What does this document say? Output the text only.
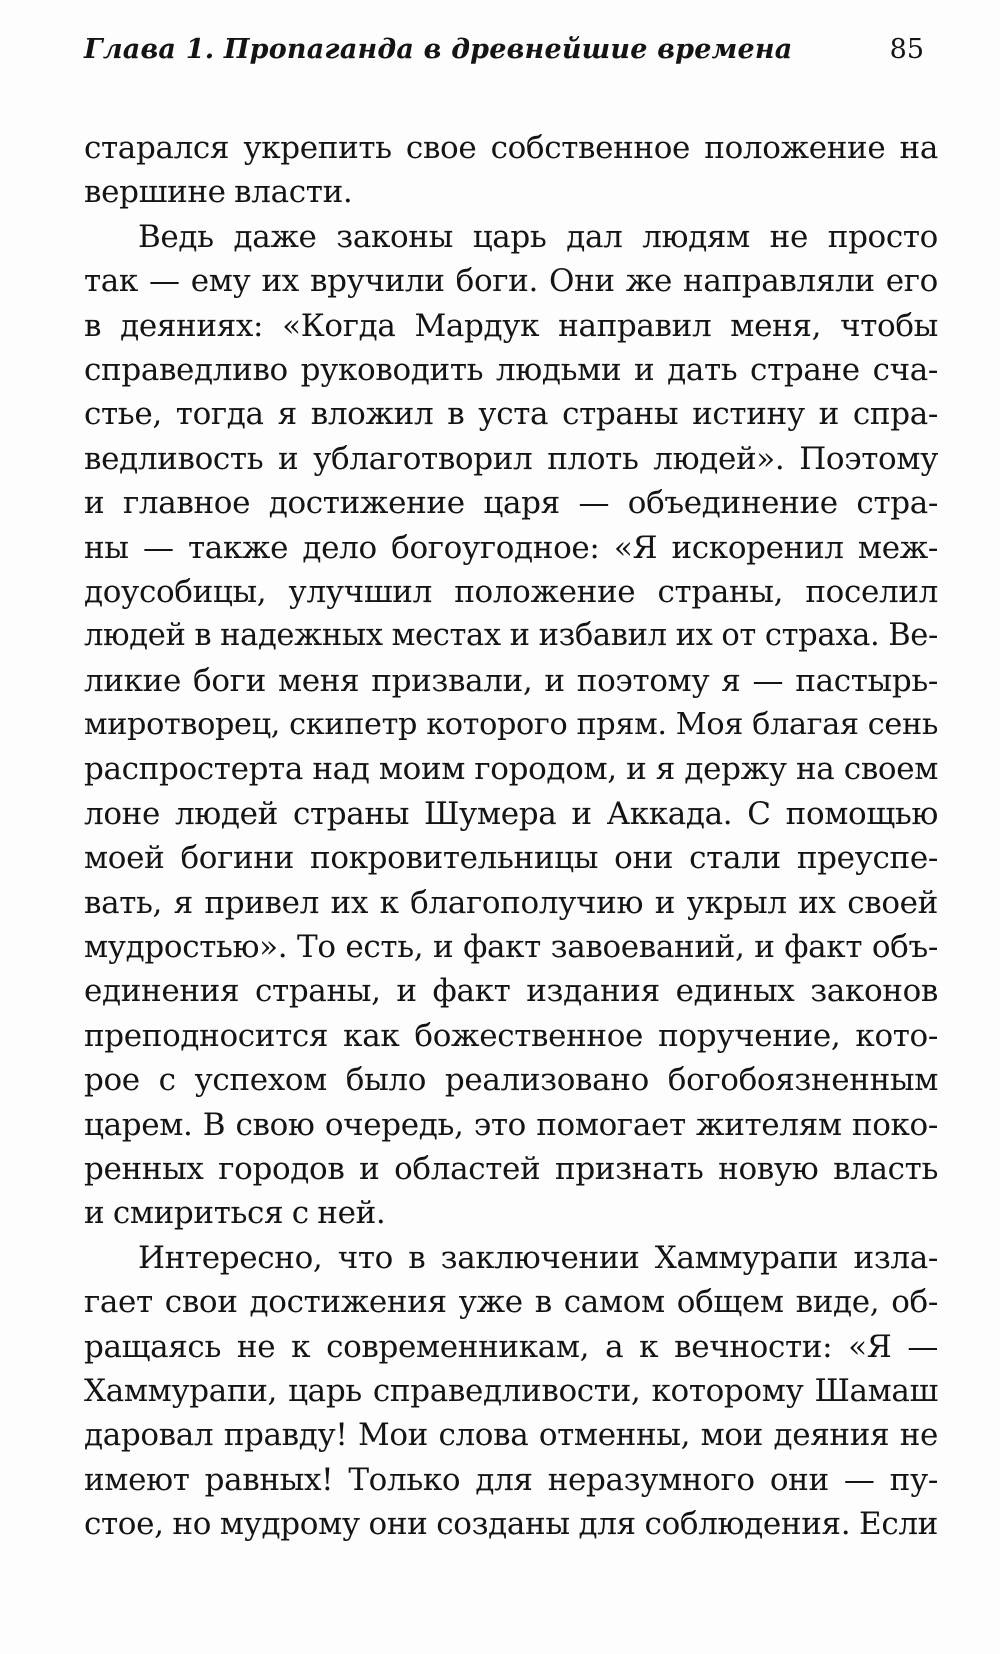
Глава 1. Пропаганда в древнейшие времена	85
старался укрепить свое собственное положение на
вершине власти.
Ведь даже законы царь дал людям не просто
так — ему их вручили боги. Они же направляли его
в деяниях: «Когда Мардук направил меня, чтобы
справедливо руководить людьми и дать стране сча-
стье, тогда я вложил в уста страны истину и спра-
ведливость и ублаготворил плоть людей». Поэтому
и главное достижение царя — объединение стра-
ны — также дело богоугодное: «Я искоренил меж-
доусобицы, улучшил положение страны, поселил
людей в надежных местах и избавил их от страха. Ве-
ликие боги меня призвали, и поэтому я — пастырь-
миротворец, скипетр которого прям. Моя благая сень
распростерта над моим городом, и я держу на своем
лоне людей страны Шумера и Аккада. С помощью
моей богини покровительницы они стали преуспе-
вать, я привел их к благополучию и укрыл их своей
мудростью». То есть, и факт завоеваний, и факт объ-
единения страны, и факт издания единых законов
преподносится как божественное поручение, кото-
рое с успехом было реализовано богобоязненным
царем. В свою очередь, это помогает жителям поко-
ренных городов и областей признать новую власть
и смириться с ней.
Интересно, что в заключении Хаммурапи изла-
гает свои достижения уже в самом общем виде, об-
ращаясь не к современникам, а к вечности: «Я —
Хаммурапи, царь справедливости, которому Шамаш
даровал правду! Мои слова отменны, мои деяния не
имеют равных! Только для неразумного они — пу-
стое, но мудрому они созданы для соблюдения. Если
